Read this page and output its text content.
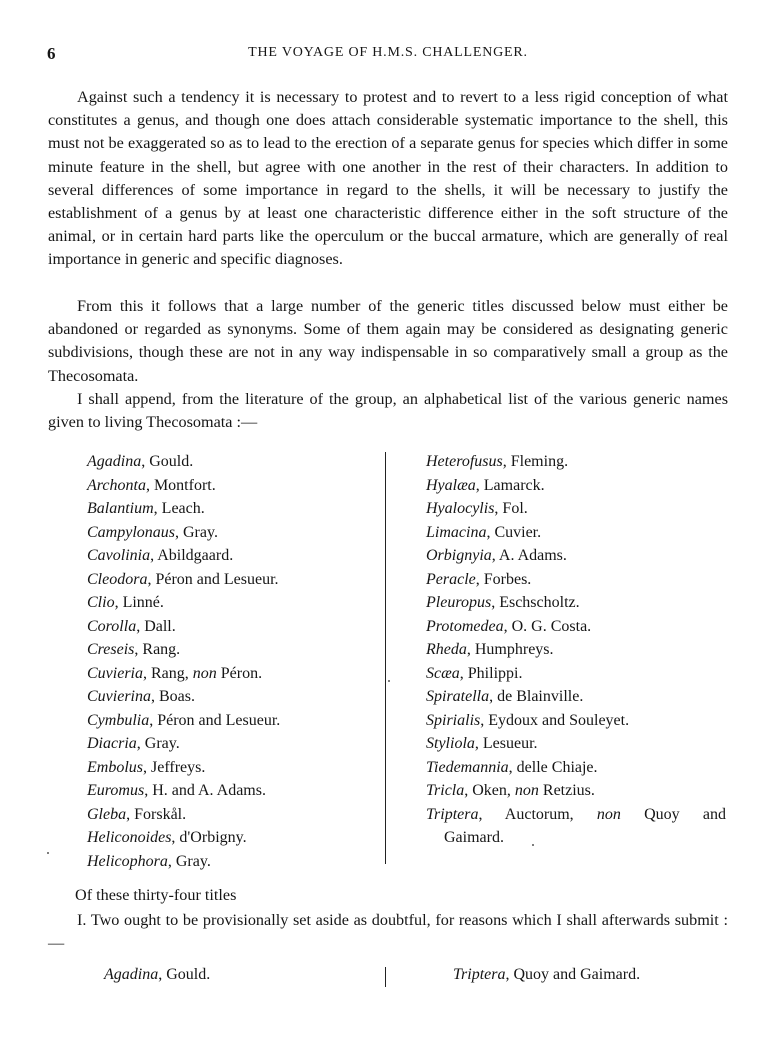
6	THE VOYAGE OF H.M.S. CHALLENGER.

Against such a tendency it is necessary to protest and to revert to a less rigid conception of what constitutes a genus, and though one does attach considerable systematic importance to the shell, this must not be exaggerated so as to lead to the erection of a separate genus for species which differ in some minute feature in the shell, but agree with one another in the rest of their characters. In addition to several differences of some importance in regard to the shells, it will be necessary to justify the establishment of a genus by at least one characteristic difference either in the soft structure of the animal, or in certain hard parts like the operculum or the buccal armature, which are generally of real importance in generic and specific diagnoses.

From this it follows that a large number of the generic titles discussed below must either be abandoned or regarded as synonyms. Some of them again may be considered as designating generic subdivisions, though these are not in any way indispensable in so comparatively small a group as the Thecosomata.

I shall append, from the literature of the group, an alphabetical list of the various generic names given to living Thecosomata :—

Agadina, Gould.
Archonta, Montfort.
Balantium, Leach.
Campylonaus, Gray.
Cavolinia, Abildgaard.
Cleodora, Péron and Lesueur.
Clio, Linné.
Corolla, Dall.
Creseis, Rang.
Cuvieria, Rang, non Péron.
Cuvierina, Boas.
Cymbulia, Péron and Lesueur.
Diacria, Gray.
Embolus, Jeffreys.
Euromus, H. and A. Adams.
Gleba, Forskål.
Heliconoides, d'Orbigny.
Helicophora, Gray.
Heterofusus, Fleming.
Hyalæa, Lamarck.
Hyalocylis, Fol.
Limacina, Cuvier.
Orbignyia, A. Adams.
Peracle, Forbes.
Pleuropus, Eschscholtz.
Protomedea, O. G. Costa.
Rheda, Humphreys.
Scæa, Philippi.
Spiratella, de Blainville.
Spirialis, Eydoux and Souleyet.
Styliola, Lesueur.
Tiedemannia, delle Chiaje.
Tricla, Oken, non Retzius.
Triptera, Auctorum, non Quoy and
Gaimard.

Of these thirty-four titles

I. Two ought to be provisionally set aside as doubtful, for reasons which I shall afterwards submit :—

Agadina, Gould.	Triptera, Quoy and Gaimard.
